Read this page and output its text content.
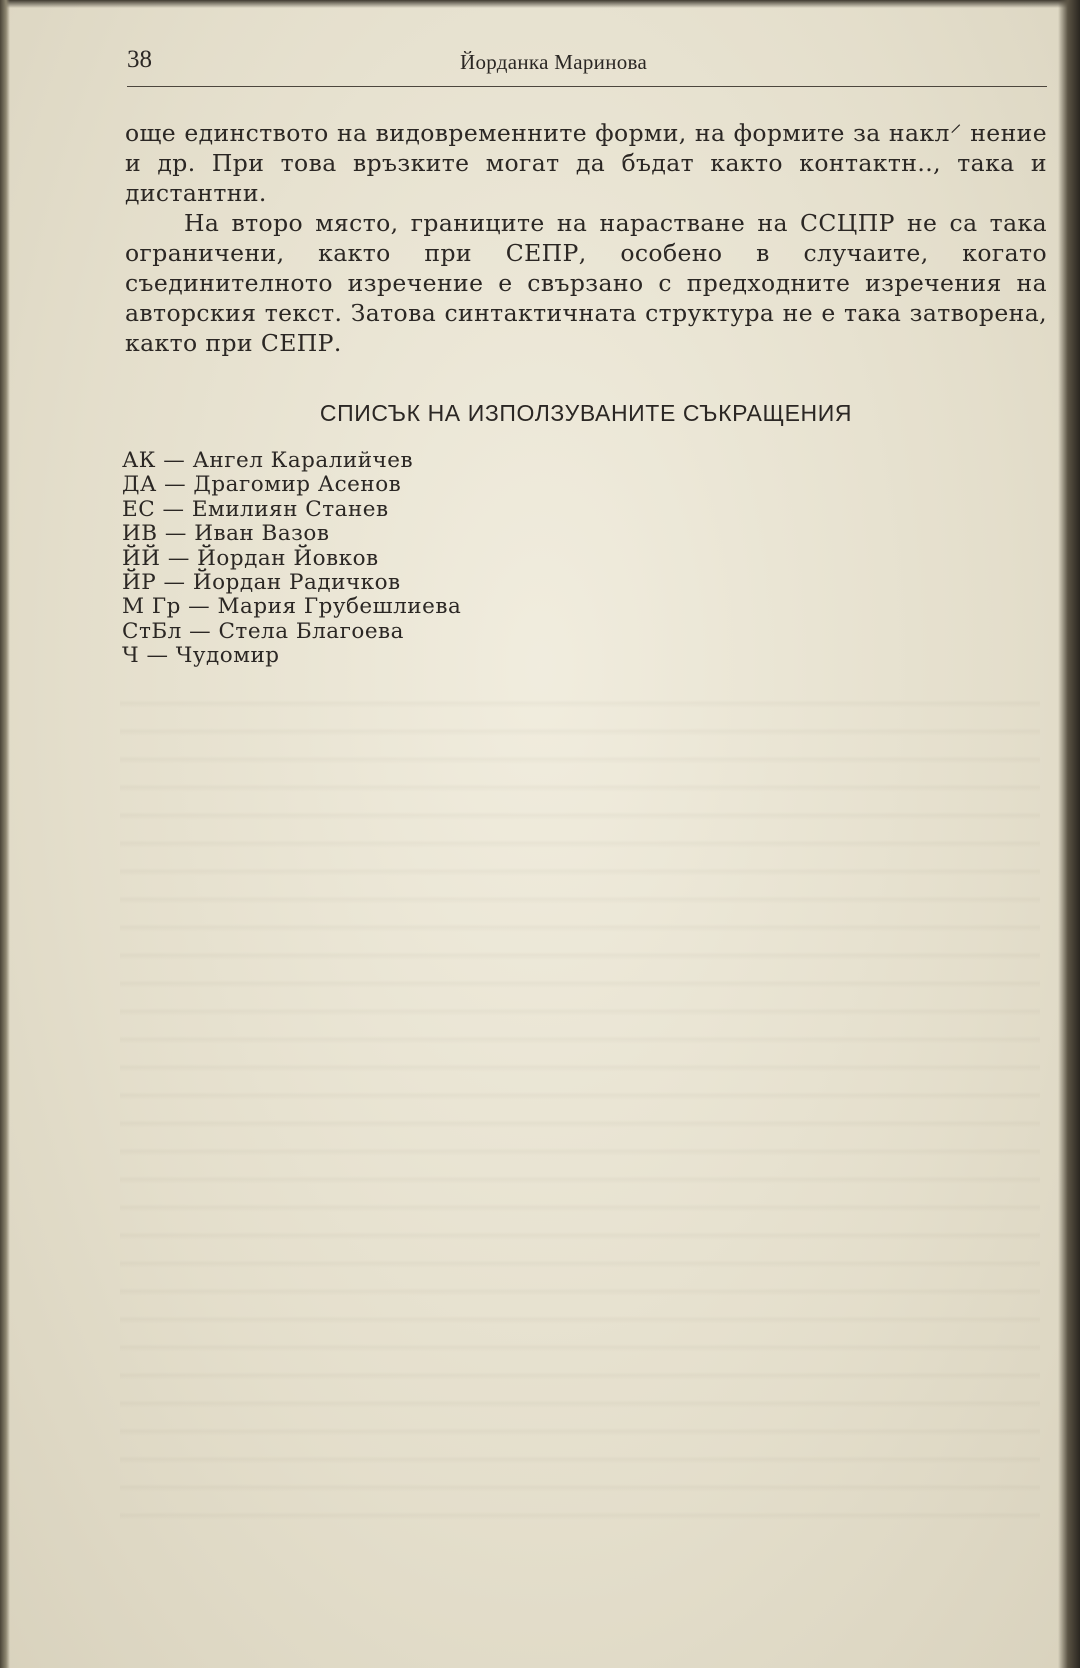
38	Йорданка Маринова

още единството на видовременните форми, на формите за накл⸍ нение и др. При това връзките могат да бъдат както контактн.., така и дистантни.

На второ място, границите на нарастване на ССЦПР не са така ограничени, както при СЕПР, особено в случаите, когато съединителното изречение е свързано с предходните изречения на авторския текст. Затова синтактичната структура не е така затворена, както при СЕПР.

СПИСЪК НА ИЗПОЛЗУВАНИТЕ СЪКРАЩЕНИЯ
АК — Ангел Каралийчев
ДА — Драгомир Асенов
ЕС — Емилиян Станев
ИВ — Иван Вазов
ЙЙ — Йордан Йовков
ЙР — Йордан Радичков
М Гр — Мария Грубешлиева
СтБл — Стела Благоева
Ч — Чудомир
